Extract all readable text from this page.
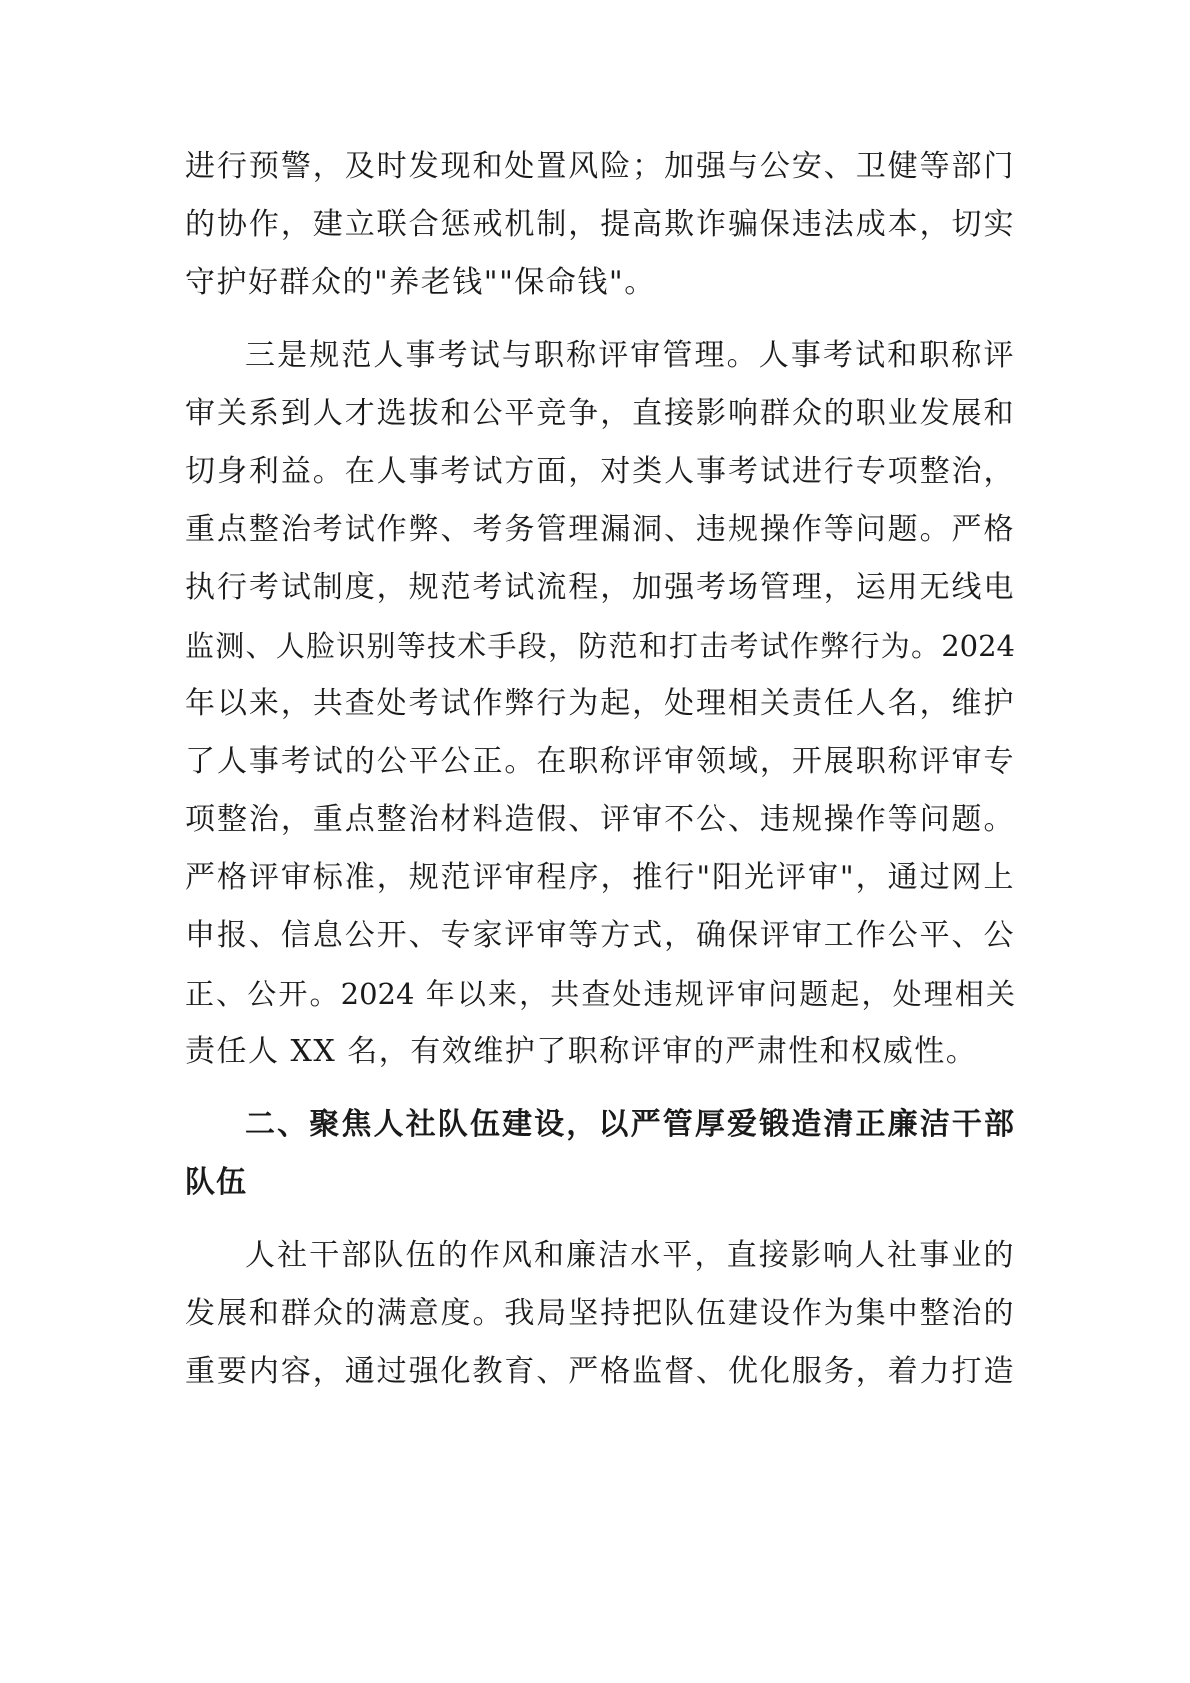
进行预警，及时发现和处置风险；加强与公安、卫健等部门
的协作，建立联合惩戒机制，提高欺诈骗保违法成本，切实
守护好群众的"养老钱""保命钱"。
三是规范人事考试与职称评审管理。人事考试和职称评
审关系到人才选拔和公平竞争，直接影响群众的职业发展和
切身利益。在人事考试方面，对类人事考试进行专项整治，
重点整治考试作弊、考务管理漏洞、违规操作等问题。严格
执行考试制度，规范考试流程，加强考场管理，运用无线电
监测、人脸识别等技术手段，防范和打击考试作弊行为。2024
年以来，共查处考试作弊行为起，处理相关责任人名，维护
了人事考试的公平公正。在职称评审领域，开展职称评审专
项整治，重点整治材料造假、评审不公、违规操作等问题。
严格评审标准，规范评审程序，推行"阳光评审"，通过网上
申报、信息公开、专家评审等方式，确保评审工作公平、公
正、公开。2024 年以来，共查处违规评审问题起，处理相关
责任人 XX 名，有效维护了职称评审的严肃性和权威性。
二、聚焦人社队伍建设，以严管厚爱锻造清正廉洁干部
队伍
人社干部队伍的作风和廉洁水平，直接影响人社事业的
发展和群众的满意度。我局坚持把队伍建设作为集中整治的
重要内容，通过强化教育、严格监督、优化服务，着力打造
